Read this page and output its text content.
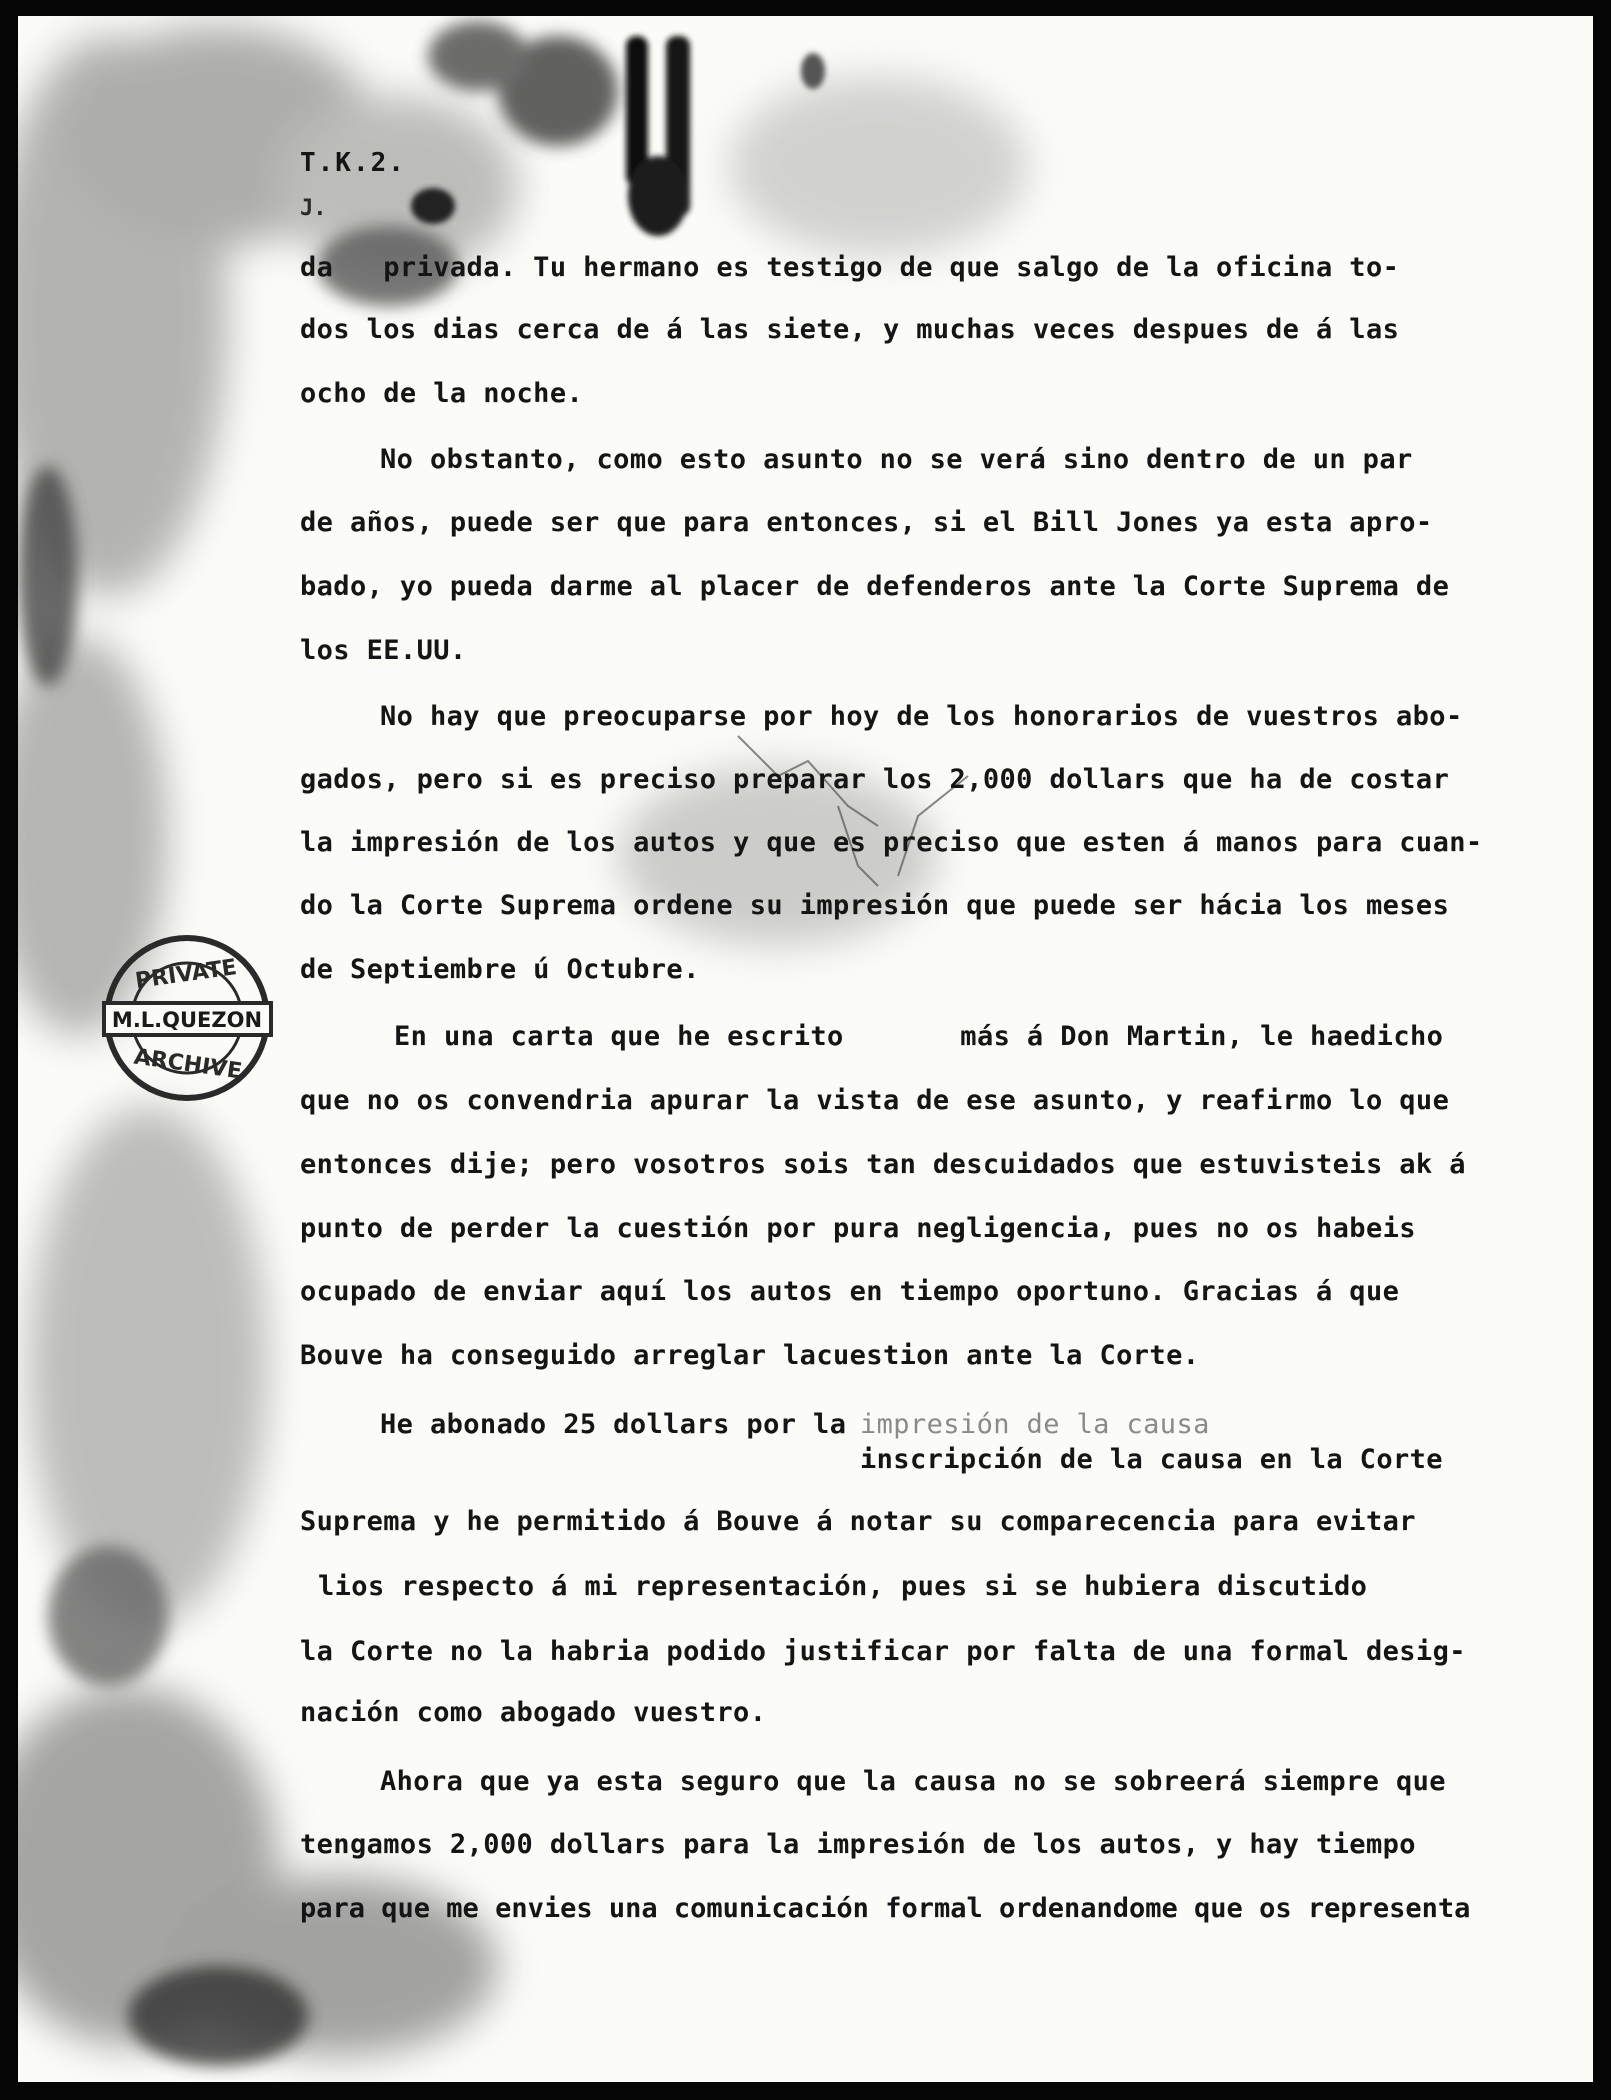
M.L.QUEZON
PRIVATE
ARCHIVE
T.K.2.
J.
da   privada. Tu hermano es testigo de que salgo de la oficina to-
dos los dias cerca de á las siete, y muchas veces despues de á las
ocho de la noche.
No obstanto, como esto asunto no se verá sino dentro de un par
de años, puede ser que para entonces, si el Bill Jones ya esta apro-
bado, yo pueda darme al placer de defenderos ante la Corte Suprema de
los EE.UU.
No hay que preocuparse por hoy de los honorarios de vuestros abo-
gados, pero si es preciso preparar los 2,000 dollars que ha de costar
la impresión de los autos y que es preciso que esten á manos para cuan-
do la Corte Suprema ordene su impresión que puede ser hácia los meses
de Septiembre ú Octubre.
En una carta que he escrito       más á Don Martin, le haedicho
que no os convendria apurar la vista de ese asunto, y reafirmo lo que
entonces dije; pero vosotros sois tan descuidados que estuvisteis ak á
punto de perder la cuestión por pura negligencia, pues no os habeis
ocupado de enviar aquí los autos en tiempo oportuno. Gracias á que
Bouve ha conseguido arreglar lacuestion ante la Corte.
He abonado 25 dollars por la impresión de la causa
inscripción de la causa en la Corte
Suprema y he permitido á Bouve á notar su comparecencia para evitar
lios respecto á mi representación, pues si se hubiera discutido
la Corte no la habria podido justificar por falta de una formal desig-
nación como abogado vuestro.
Ahora que ya esta seguro que la causa no se sobreerá siempre que
tengamos 2,000 dollars para la impresión de los autos, y hay tiempo
para que me envies una comunicación formal ordenandome que os representa
